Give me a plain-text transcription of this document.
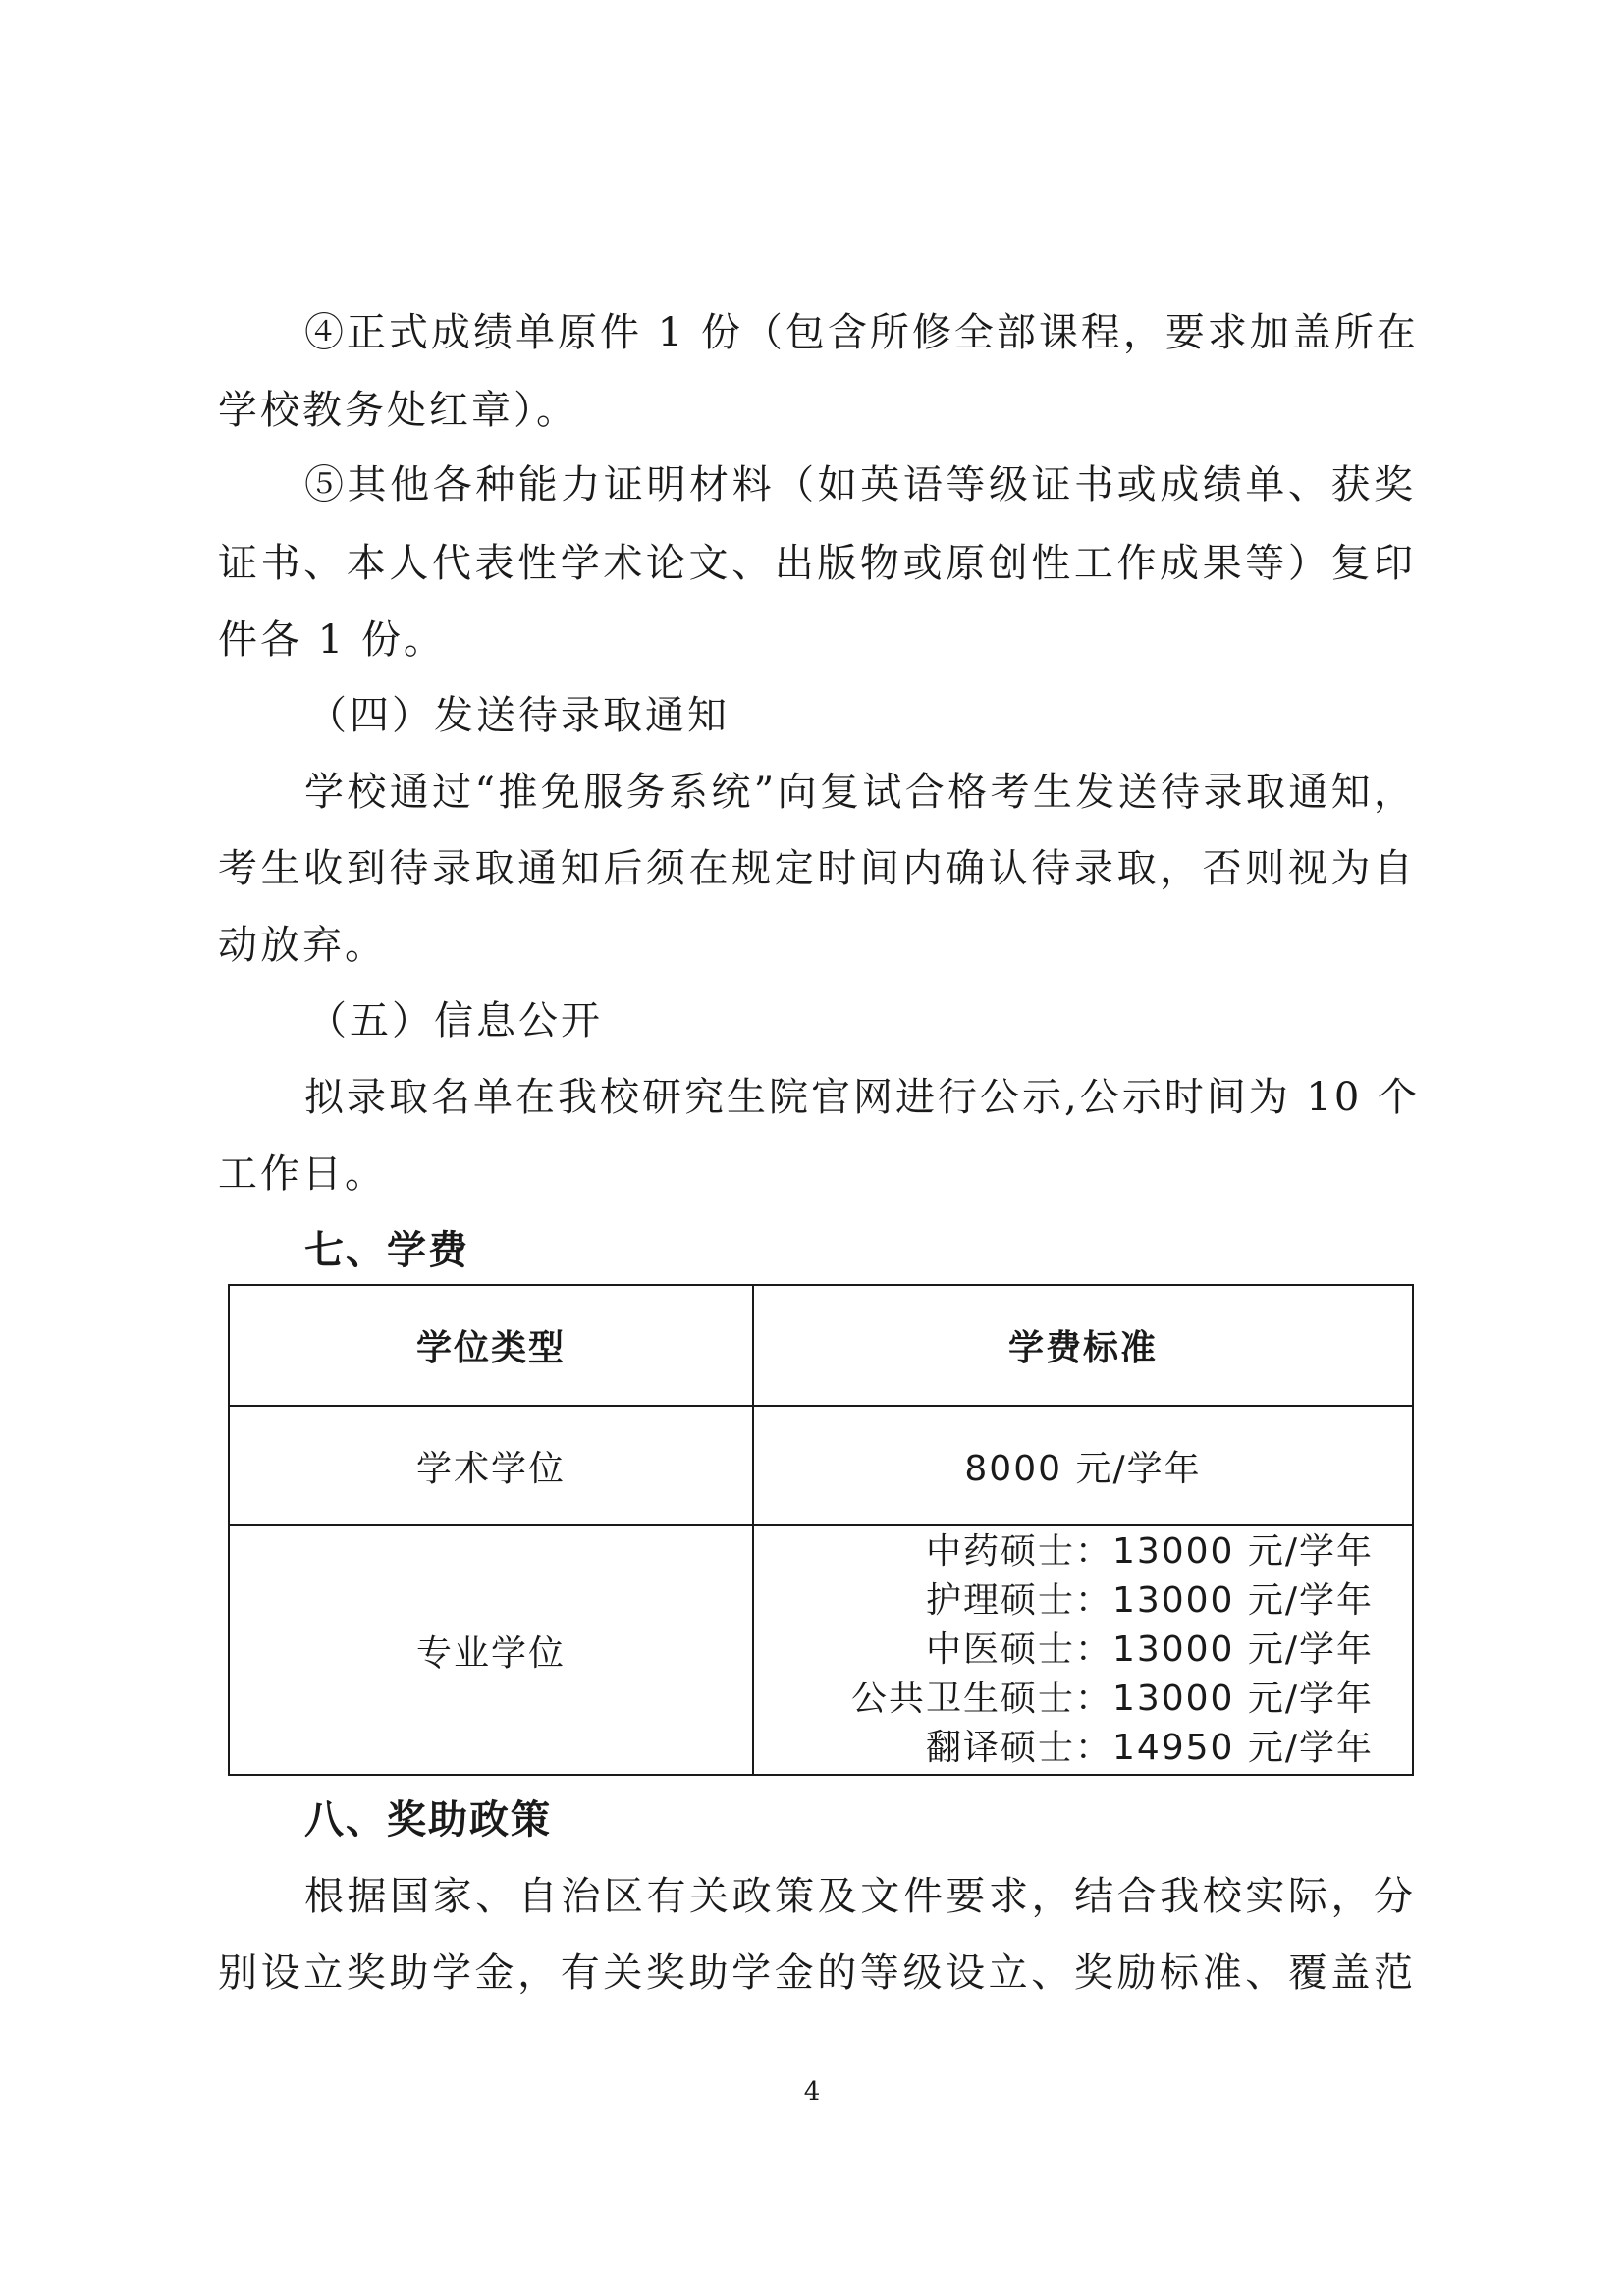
④正式成绩单原件 1 份（包含所修全部课程，要求加盖所在
学校教务处红章）。
⑤其他各种能力证明材料（如英语等级证书或成绩单、获奖
证书、本人代表性学术论文、出版物或原创性工作成果等）复印
件各 1 份。
（四）发送待录取通知
学校通过“推免服务系统”向复试合格考生发送待录取通知，
考生收到待录取通知后须在规定时间内确认待录取，否则视为自
动放弃。
（五）信息公开
拟录取名单在我校研究生院官网进行公示,公示时间为 10 个
工作日。
七、学费
学位类型	学费标准
学术学位	8000 元/学年
专业学位	中药硕士：13000 元/学年
护理硕士：13000 元/学年
中医硕士：13000 元/学年
公共卫生硕士：13000 元/学年
翻译硕士：14950 元/学年
八、奖助政策
根据国家、自治区有关政策及文件要求，结合我校实际，分
别设立奖助学金，有关奖助学金的等级设立、奖励标准、覆盖范
4
